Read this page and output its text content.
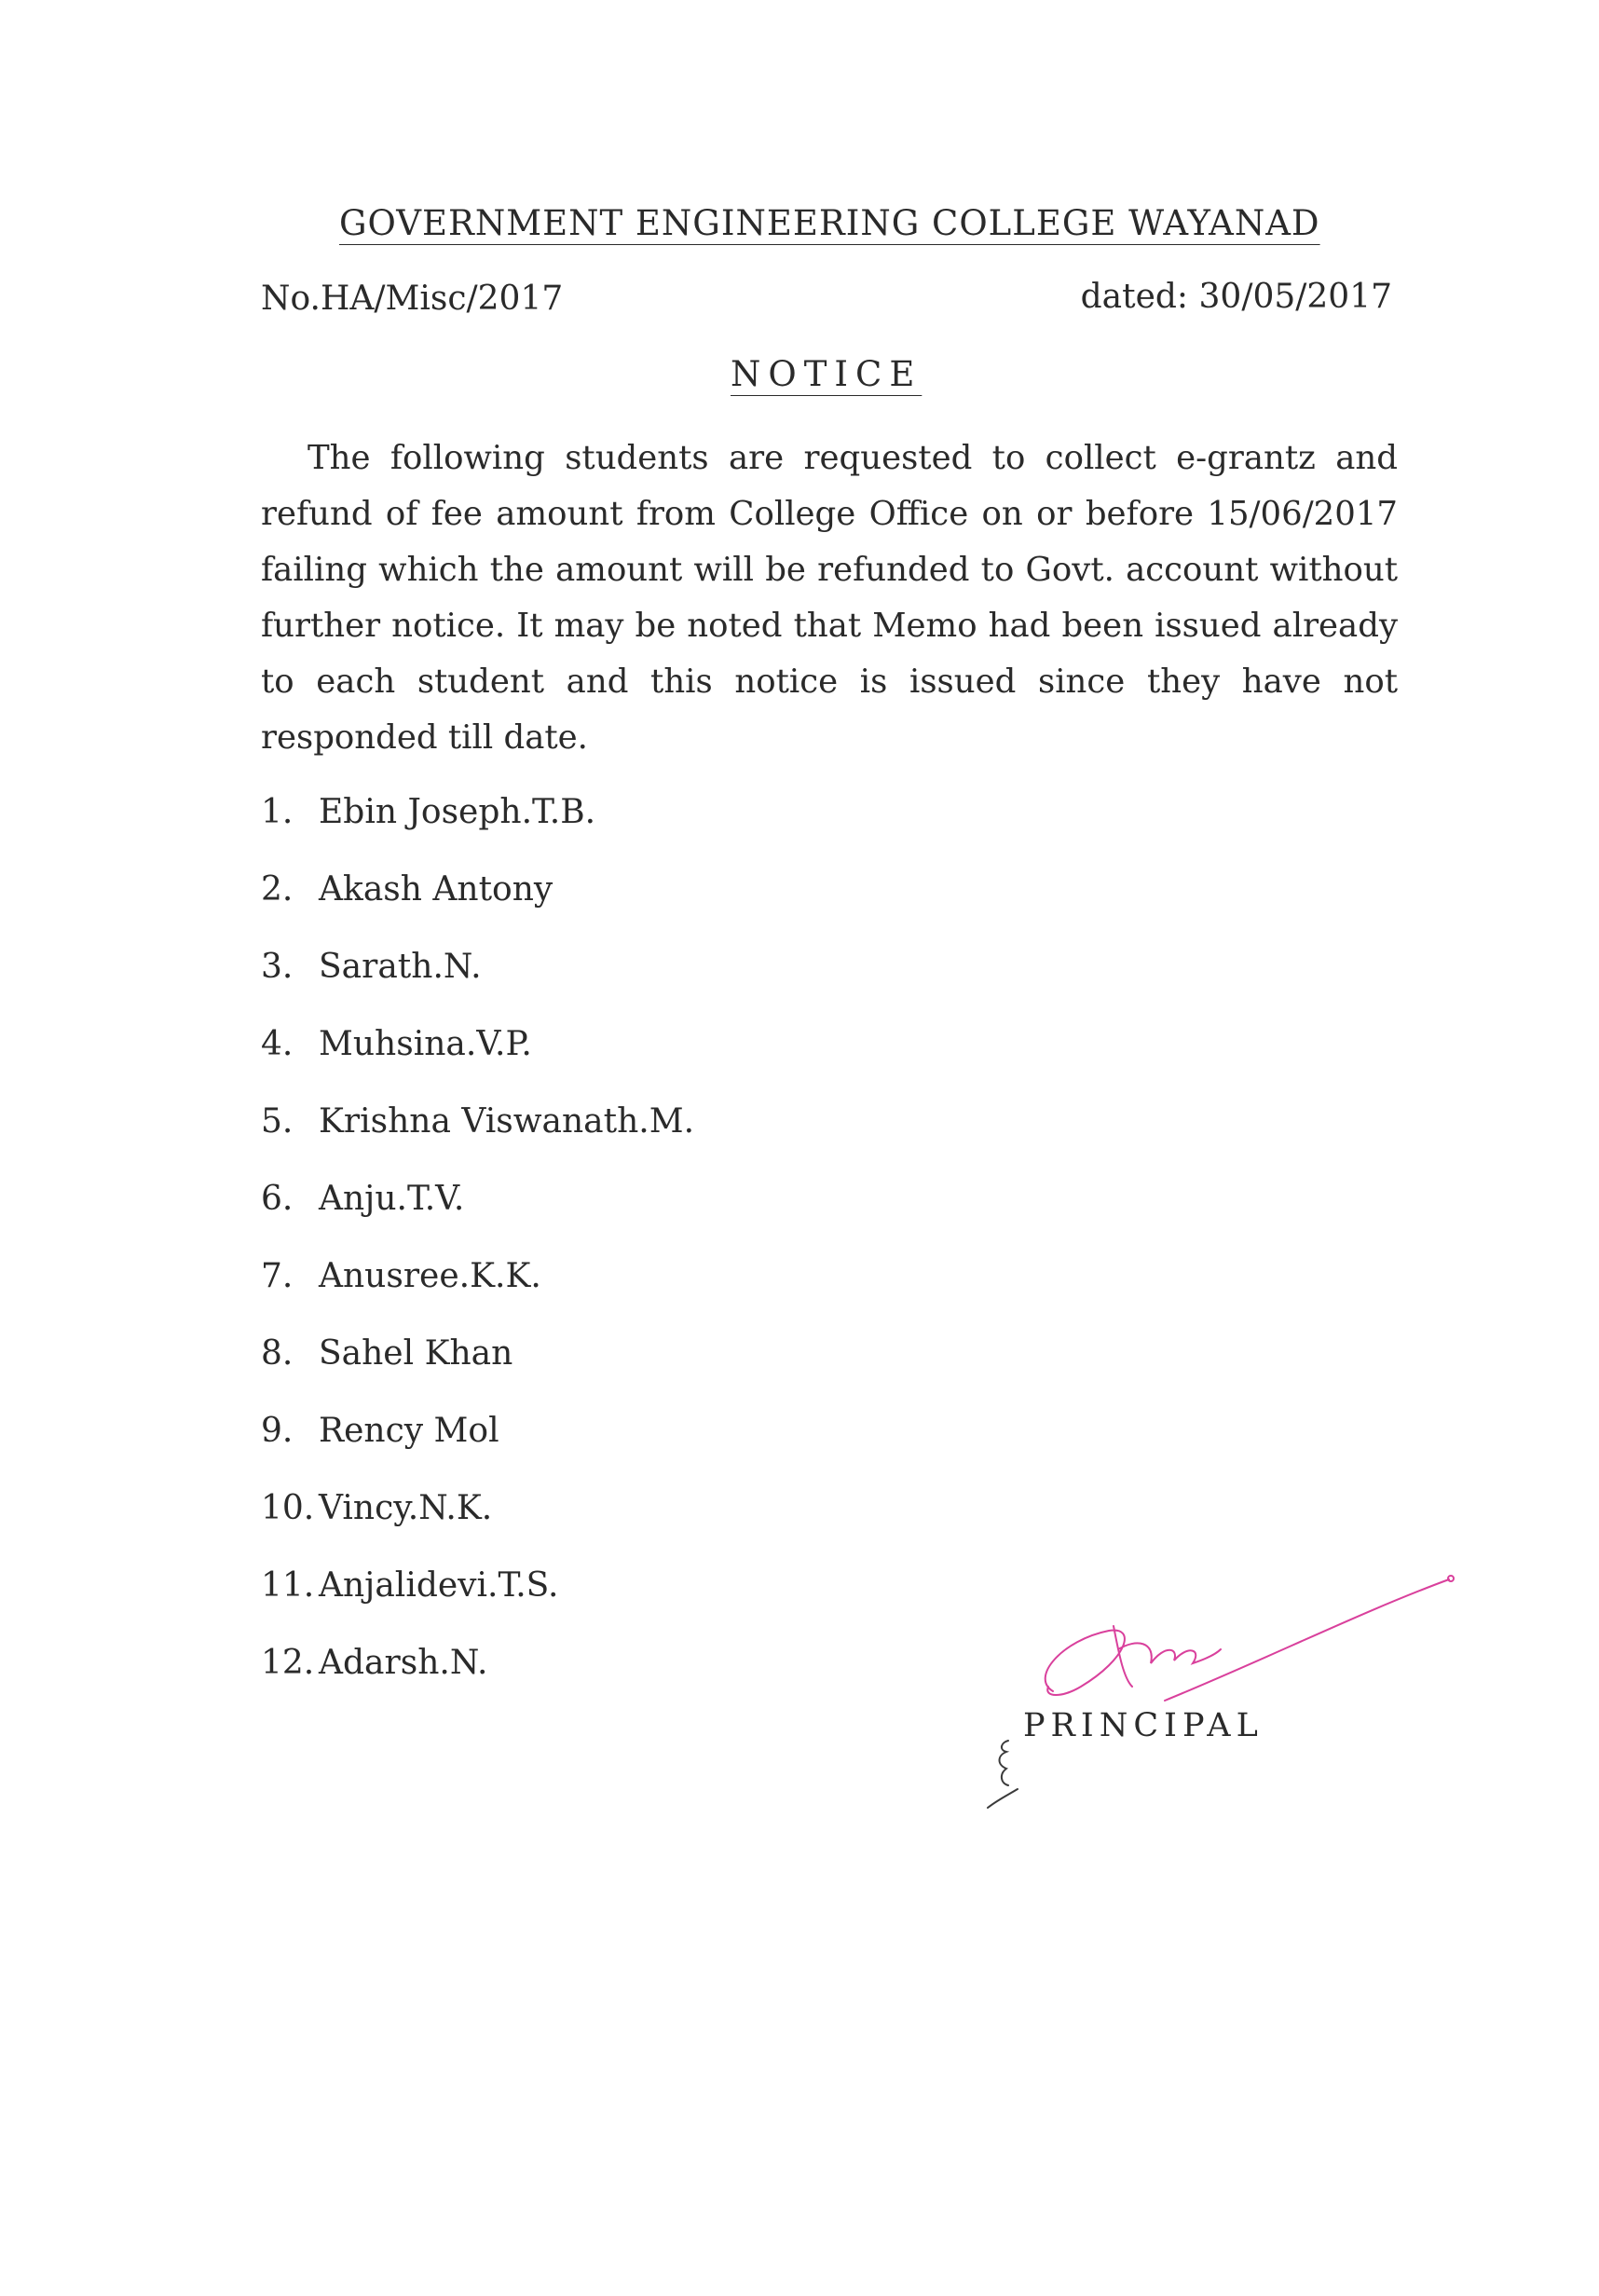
GOVERNMENT ENGINEERING COLLEGE WAYANAD
No.HA/Misc/2017	dated: 30/05/2017
NOTICE

The following students are requested to collect e-grantz and refund of fee amount from College Office on or before 15/06/2017 failing which the amount will be refunded to Govt. account without further notice. It may be noted that Memo had been issued already to each student and this notice is issued since they have not responded till date.

1. Ebin Joseph.T.B.
2. Akash Antony
3. Sarath.N.
4. Muhsina.V.P.
5. Krishna Viswanath.M.
6. Anju.T.V.
7. Anusree.K.K.
8. Sahel Khan
9. Rency Mol
10. Vincy.N.K.
11. Anjalidevi.T.S.
12. Adarsh.N.
PRINCIPAL
